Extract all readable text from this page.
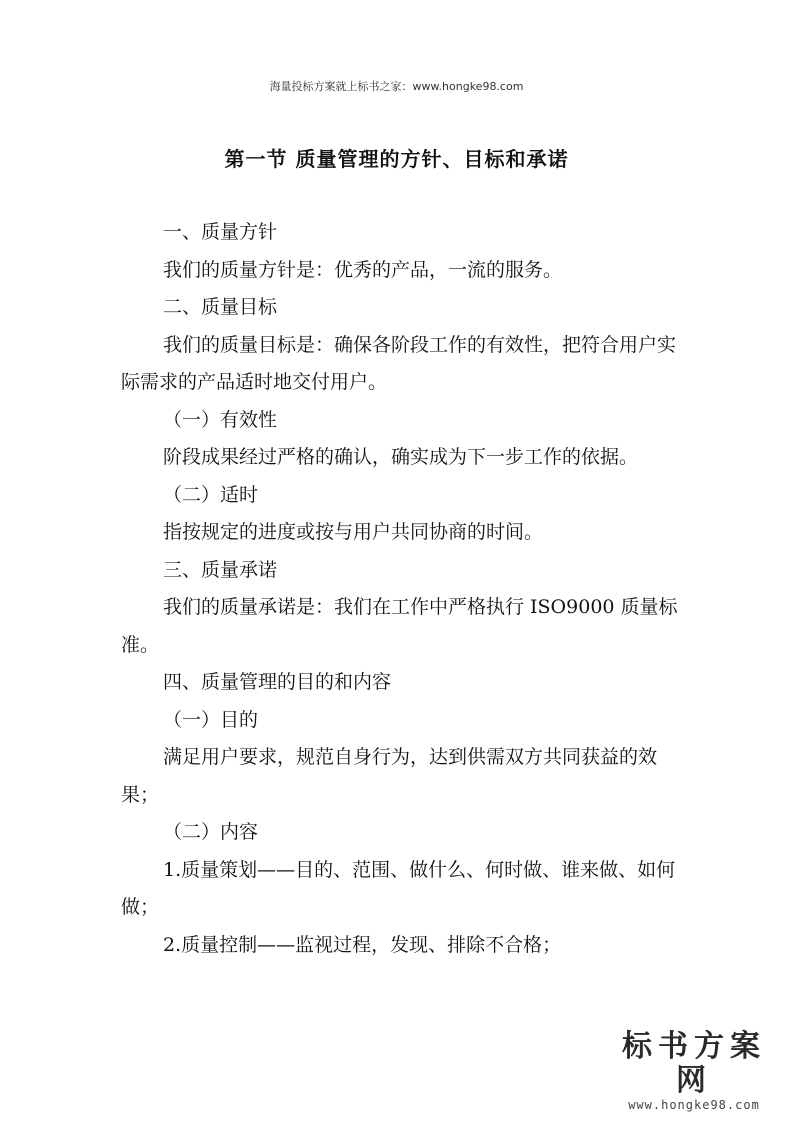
海量投标方案就上标书之家：www.hongke98.com
第一节 质量管理的方针、目标和承诺

一、质量方针

我们的质量方针是：优秀的产品，一流的服务。

二、质量目标

我们的质量目标是：确保各阶段工作的有效性，把符合用户实际需求的产品适时地交付用户。

（一）有效性

阶段成果经过严格的确认，确实成为下一步工作的依据。

（二）适时

指按规定的进度或按与用户共同协商的时间。

三、质量承诺

我们的质量承诺是：我们在工作中严格执行 ISO9000 质量标准。

四、质量管理的目的和内容

（一）目的

满足用户要求，规范自身行为，达到供需双方共同获益的效果；

（二）内容

1.质量策划——目的、范围、做什么、何时做、谁来做、如何做；

2.质量控制——监视过程，发现、排除不合格；

标书方案网
www.hongke98.com
